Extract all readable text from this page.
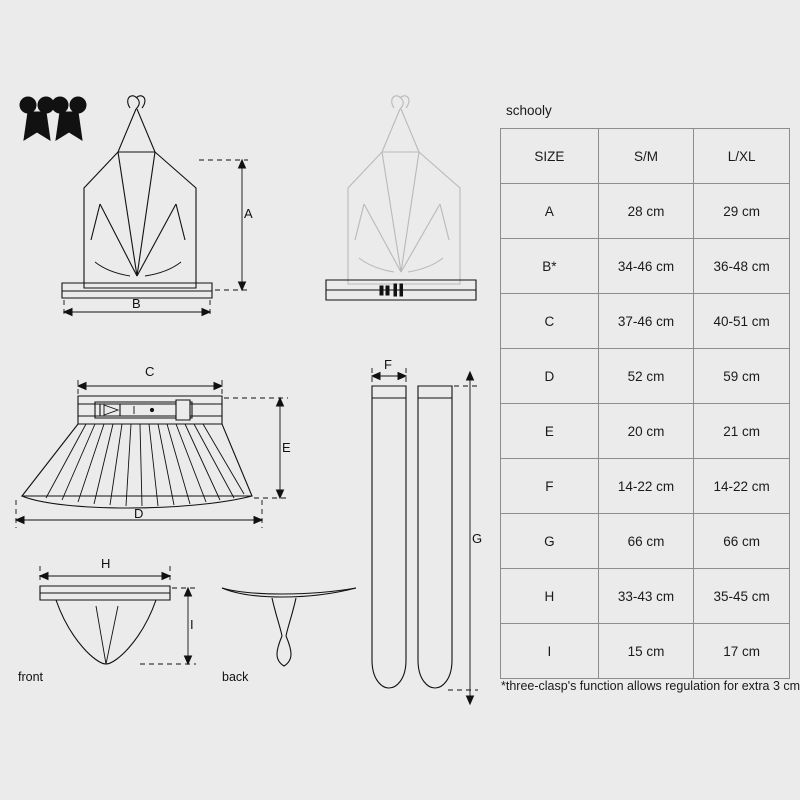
A
B
C
E
D
F
G
H
I
front	back
schooly
SIZE	S/M	L/XL
A	28 cm	29 cm
B*	34-46 cm	36-48 cm
C	37-46 cm	40-51 cm
D	52 cm	59 cm
E	20 cm	21 cm
F	14-22 cm	14-22 cm
G	66 cm	66 cm
H	33-43 cm	35-45 cm
I	15 cm	17 cm
*three-clasp's function allows regulation for extra 3 cm
